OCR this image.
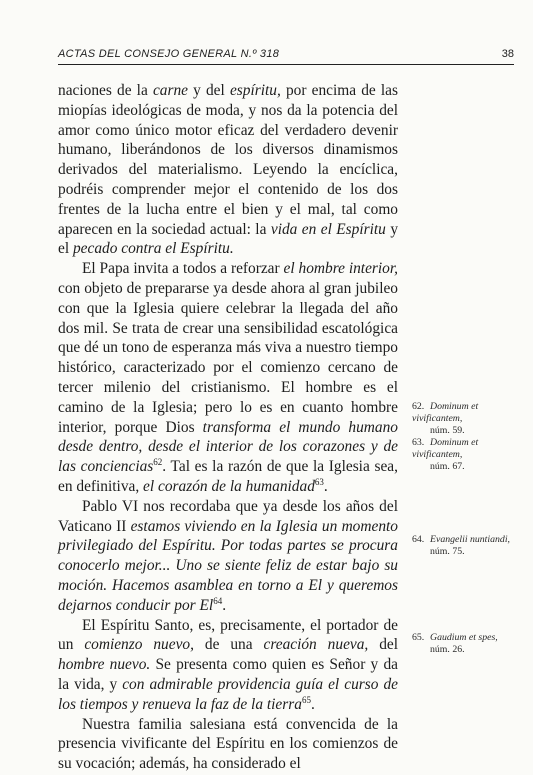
ACTAS DEL CONSEJO GENERAL N.º 318	38

naciones de la carne y del espíritu, por encima de las miopías ideológicas de moda, y nos da la potencia del amor como único motor eficaz del verdadero devenir humano, liberándonos de los diversos dinamismos derivados del materialismo. Leyendo la encíclica, podréis comprender mejor el contenido de los dos frentes de la lucha entre el bien y el mal, tal como aparecen en la sociedad actual: la vida en el Espíritu y el pecado contra el Espíritu.

El Papa invita a todos a reforzar el hombre interior, con objeto de prepararse ya desde ahora al gran jubileo con que la Iglesia quiere celebrar la llegada del año dos mil. Se trata de crear una sensibilidad escatológica que dé un tono de esperanza más viva a nuestro tiempo histórico, caracterizado por el comienzo cercano de tercer milenio del cristianismo. El hombre es el camino de la Iglesia; pero lo es en cuanto hombre interior, porque Dios transforma el mundo humano desde dentro, desde el interior de los corazones y de las conciencias$^{62}$. Tal es la razón de que la Iglesia sea, en definitiva, el corazón de la humanidad$^{63}$.

Pablo VI nos recordaba que ya desde los años del Vaticano II estamos viviendo en la Iglesia un momento privilegiado del Espíritu. Por todas partes se procura conocerlo mejor... Uno se siente feliz de estar bajo su moción. Hacemos asamblea en torno a El y queremos dejarnos conducir por El$^{64}$.

El Espíritu Santo, es, precisamente, el portador de un comienzo nuevo, de una creación nueva, del hombre nuevo. Se presenta como quien es Señor y da la vida, y con admirable providencia guía el curso de los tiempos y renueva la faz de la tierra$^{65}$.

Nuestra familia salesiana está convencida de la presencia vivificante del Espíritu en los comienzos de su vocación; además, ha considerado el

62. Dominum et vivificantem,
núm. 59.
63. Dominum et vivificantem,
núm. 67.
64. Evangelii nuntiandi,
núm. 75.
65. Gaudium et spes,
núm. 26.
